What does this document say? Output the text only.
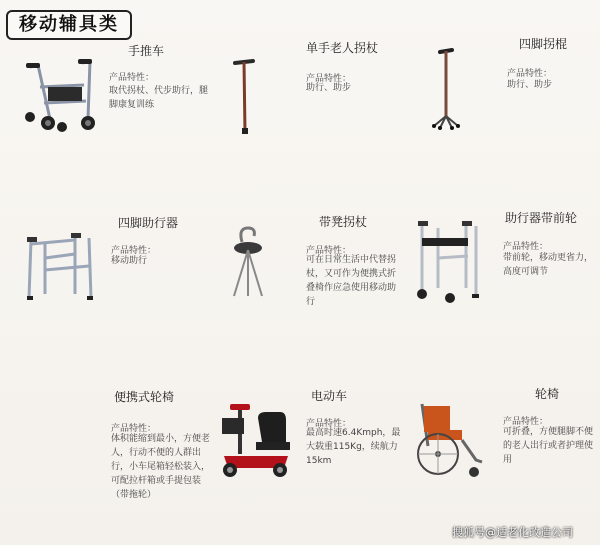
移动辅具类
手推车
产品特性：
取代拐杖、代步助行，腿脚康复训练
单手老人拐杖
产品特性：
助行、助步
四脚拐棍
产品特性：
助行、助步
四脚助行器
产品特性：
移动助行
带凳拐杖
产品特性：
可在日常生活中代替拐杖，又可作为便携式折叠椅作应急使用移动助行
助行器带前轮
产品特性：
带前轮，移动更省力，高度可调节
便携式轮椅
产品特性：
体积能缩到最小，方便老人，行动不便的人群出行，小车尾箱轻松装入，可配拉杆箱或手提包装（带拖轮）
电动车
产品特性：
最高时速6.4Kmph，最大载重115Kg，续航力15km
轮椅
产品特性：
可折叠，方便腿脚不便的老人出行或者护理使用
搜狐号@适老化改造公司
